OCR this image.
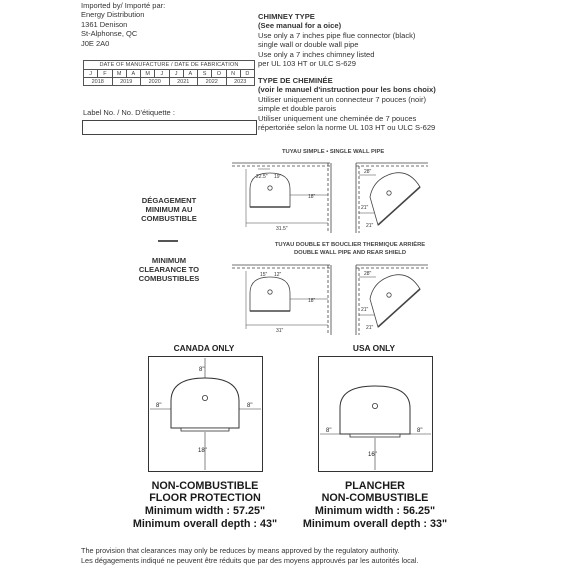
Imported by/ Importé par:
Energy Distribution
1361 Denison
St-Alphonse, QC
J0E 2A0
DATE OF MANUFACTURE / DATE DE FABRICATION											
J	F	M	A	M	J	J	A	S	O	N	D
2018		2019		2020		2021		2022		2023	
Label No. / No. D'étiquette :
CHIMNEY TYPE
(See manual for a oice)
Use only a 7 inches pipe flue connector (black)
single wall or double wall pipe
Use only a 7 inches chimney listed
per UL 103 HT or ULC S-629
TYPE DE CHEMINÉE
(voir le manuel d'instruction pour les bons choix)
Utiliser uniquement un connecteur 7 pouces (noir)
simple et double parois
Utiliser uniquement une cheminée de 7 pouces
répertoriée selon la norme UL 103 HT ou ULC S-629
DÉGAGEMENT
MINIMUM AU
COMBUSTIBLE
MINIMUM
CLEARANCE TO
COMBUSTIBLES
TUYAU SIMPLE • SINGLE WALL PIPE
22.5" 19"
18"
31.5"
28"
21"
21"
TUYAU DOUBLE ET BOUCLIER THERMIQUE ARRIÈRE
DOUBLE WALL PIPE AND REAR SHIELD
15" 12"
18"
31"
28"
21"
21"
CANADA ONLY
8"
8"	8"
18"
NON-COMBUSTIBLE
FLOOR PROTECTION
Minimum width : 57.25"
Minimum overall depth : 43"
USA ONLY
8"	8"
16"
PLANCHER
NON-COMBUSTIBLE
Minimum width : 56.25"
Minimum overall depth : 33"
The provision that clearances may only be reduces by means approved by the regulatory authority.
Les dégagements indiqué ne peuvent être réduits que par des moyens approuvés par les autorités local.
